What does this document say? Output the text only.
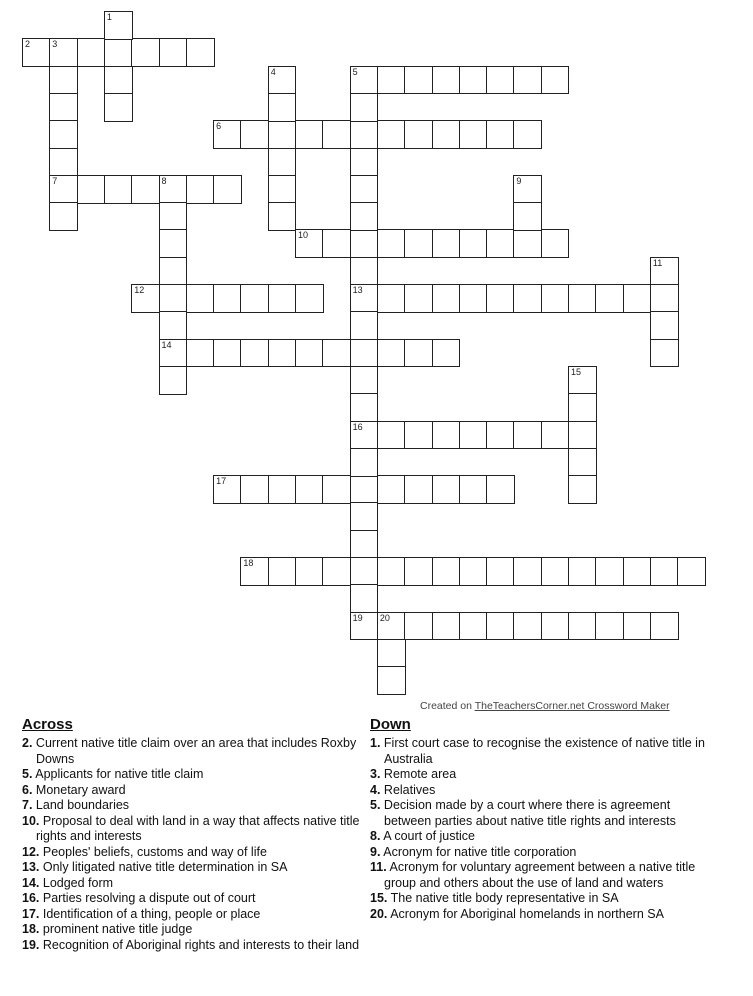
2 3
5
6
7	8
10
12	13
14
16
17
18
19 20
1
4
9
11
15
Created on TheTeachersCorner.net Crossword Maker
Across

2. Current native title claim over an area that includes Roxby Downs

5. Applicants for native title claim

6. Monetary award

7. Land boundaries

10. Proposal to deal with land in a way that affects native title rights and interests

12. Peoples' beliefs, customs and way of life

13. Only litigated native title determination in SA

14. Lodged form

16. Parties resolving a dispute out of court

17. Identification of a thing, people or place

18. prominent native title judge

19. Recognition of Aboriginal rights and interests to their land

Down

1. First court case to recognise the existence of native title in Australia

3. Remote area

4. Relatives

5. Decision made by a court where there is agreement between parties about native title rights and interests

8. A court of justice

9. Acronym for native title corporation

11. Acronym for voluntary agreement between a native title group and others about the use of land and waters

15. The native title body representative in SA

20. Acronym for Aboriginal homelands in northern SA
